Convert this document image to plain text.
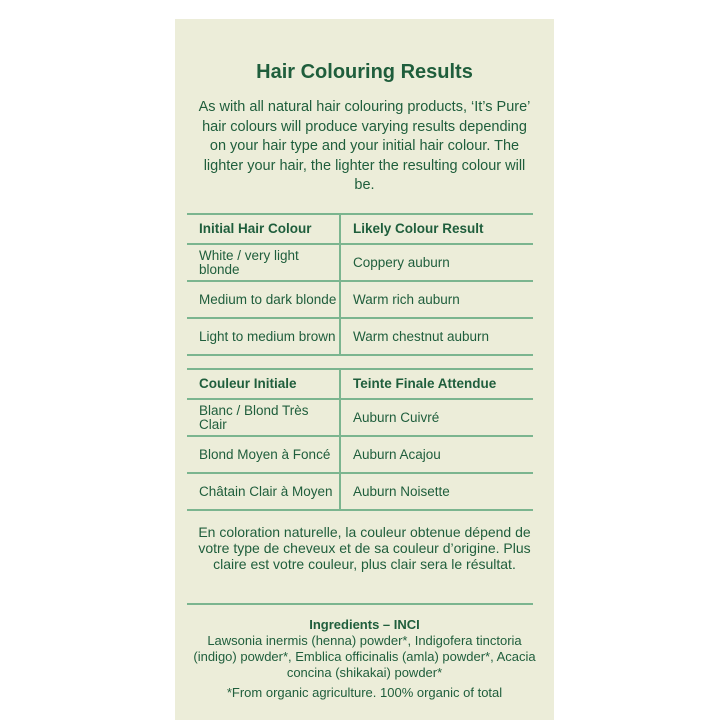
Hair Colouring Results
As with all natural hair colouring products, ‘It’s Pure’ hair colours will produce varying results depending on your hair type and your initial hair colour. The lighter your hair, the lighter the resulting colour will be.
Initial Hair Colour	Likely Colour Result
White / very light blonde	Coppery auburn
Medium to dark blonde	Warm rich auburn
Light to medium brown	Warm chestnut auburn
Couleur Initiale	Teinte Finale Attendue
Blanc / Blond Très Clair	Auburn Cuivré
Blond Moyen à Foncé	Auburn Acajou
Châtain Clair à Moyen	Auburn Noisette
En coloration naturelle, la couleur obtenue dépend de votre type de cheveux et de sa couleur d’origine. Plus claire est votre couleur, plus clair sera le résultat.
Ingredients – INCI
Lawsonia inermis (henna) powder*, Indigofera tinctoria (indigo) powder*, Emblica officinalis (amla) powder*, Acacia concina (shikakai) powder*
*From organic agriculture. 100% organic of total
